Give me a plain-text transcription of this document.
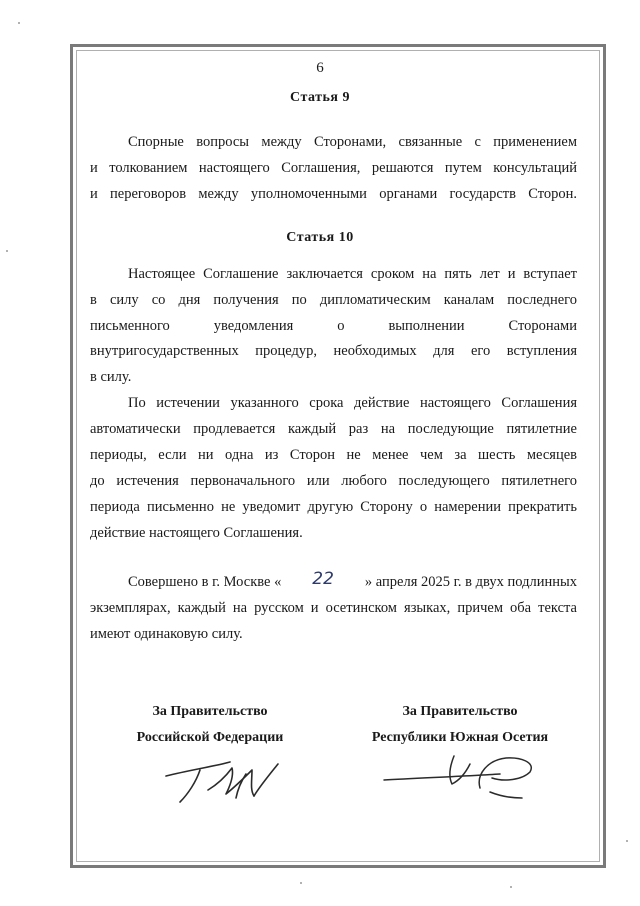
6
Статья 9
Спорные вопросы между Сторонами, связанные с применением
и толкованием настоящего Соглашения, решаются путем консультаций
и переговоров между уполномоченными органами государств Сторон.
Статья 10
Настоящее Соглашение заключается сроком на пять лет и вступает
в силу со дня получения по дипломатическим каналам последнего
письменного уведомления о выполнении Сторонами
внутригосударственных процедур, необходимых для его вступления
в силу.
По истечении указанного срока действие настоящего Соглашения
автоматически продлевается каждый раз на последующие пятилетние
периоды, если ни одна из Сторон не менее чем за шесть месяцев
до истечения первоначального или любого последующего пятилетнего
периода письменно не уведомит другую Сторону о намерении прекратить
действие настоящего Соглашения.
Совершено в г. Москве « 22 » апреля 2025 г. в двух подлинных
экземплярах, каждый на русском и осетинском языках, причем оба текста
имеют одинаковую силу.
За Правительство
Российской Федерации
За Правительство
Республики Южная Осетия
